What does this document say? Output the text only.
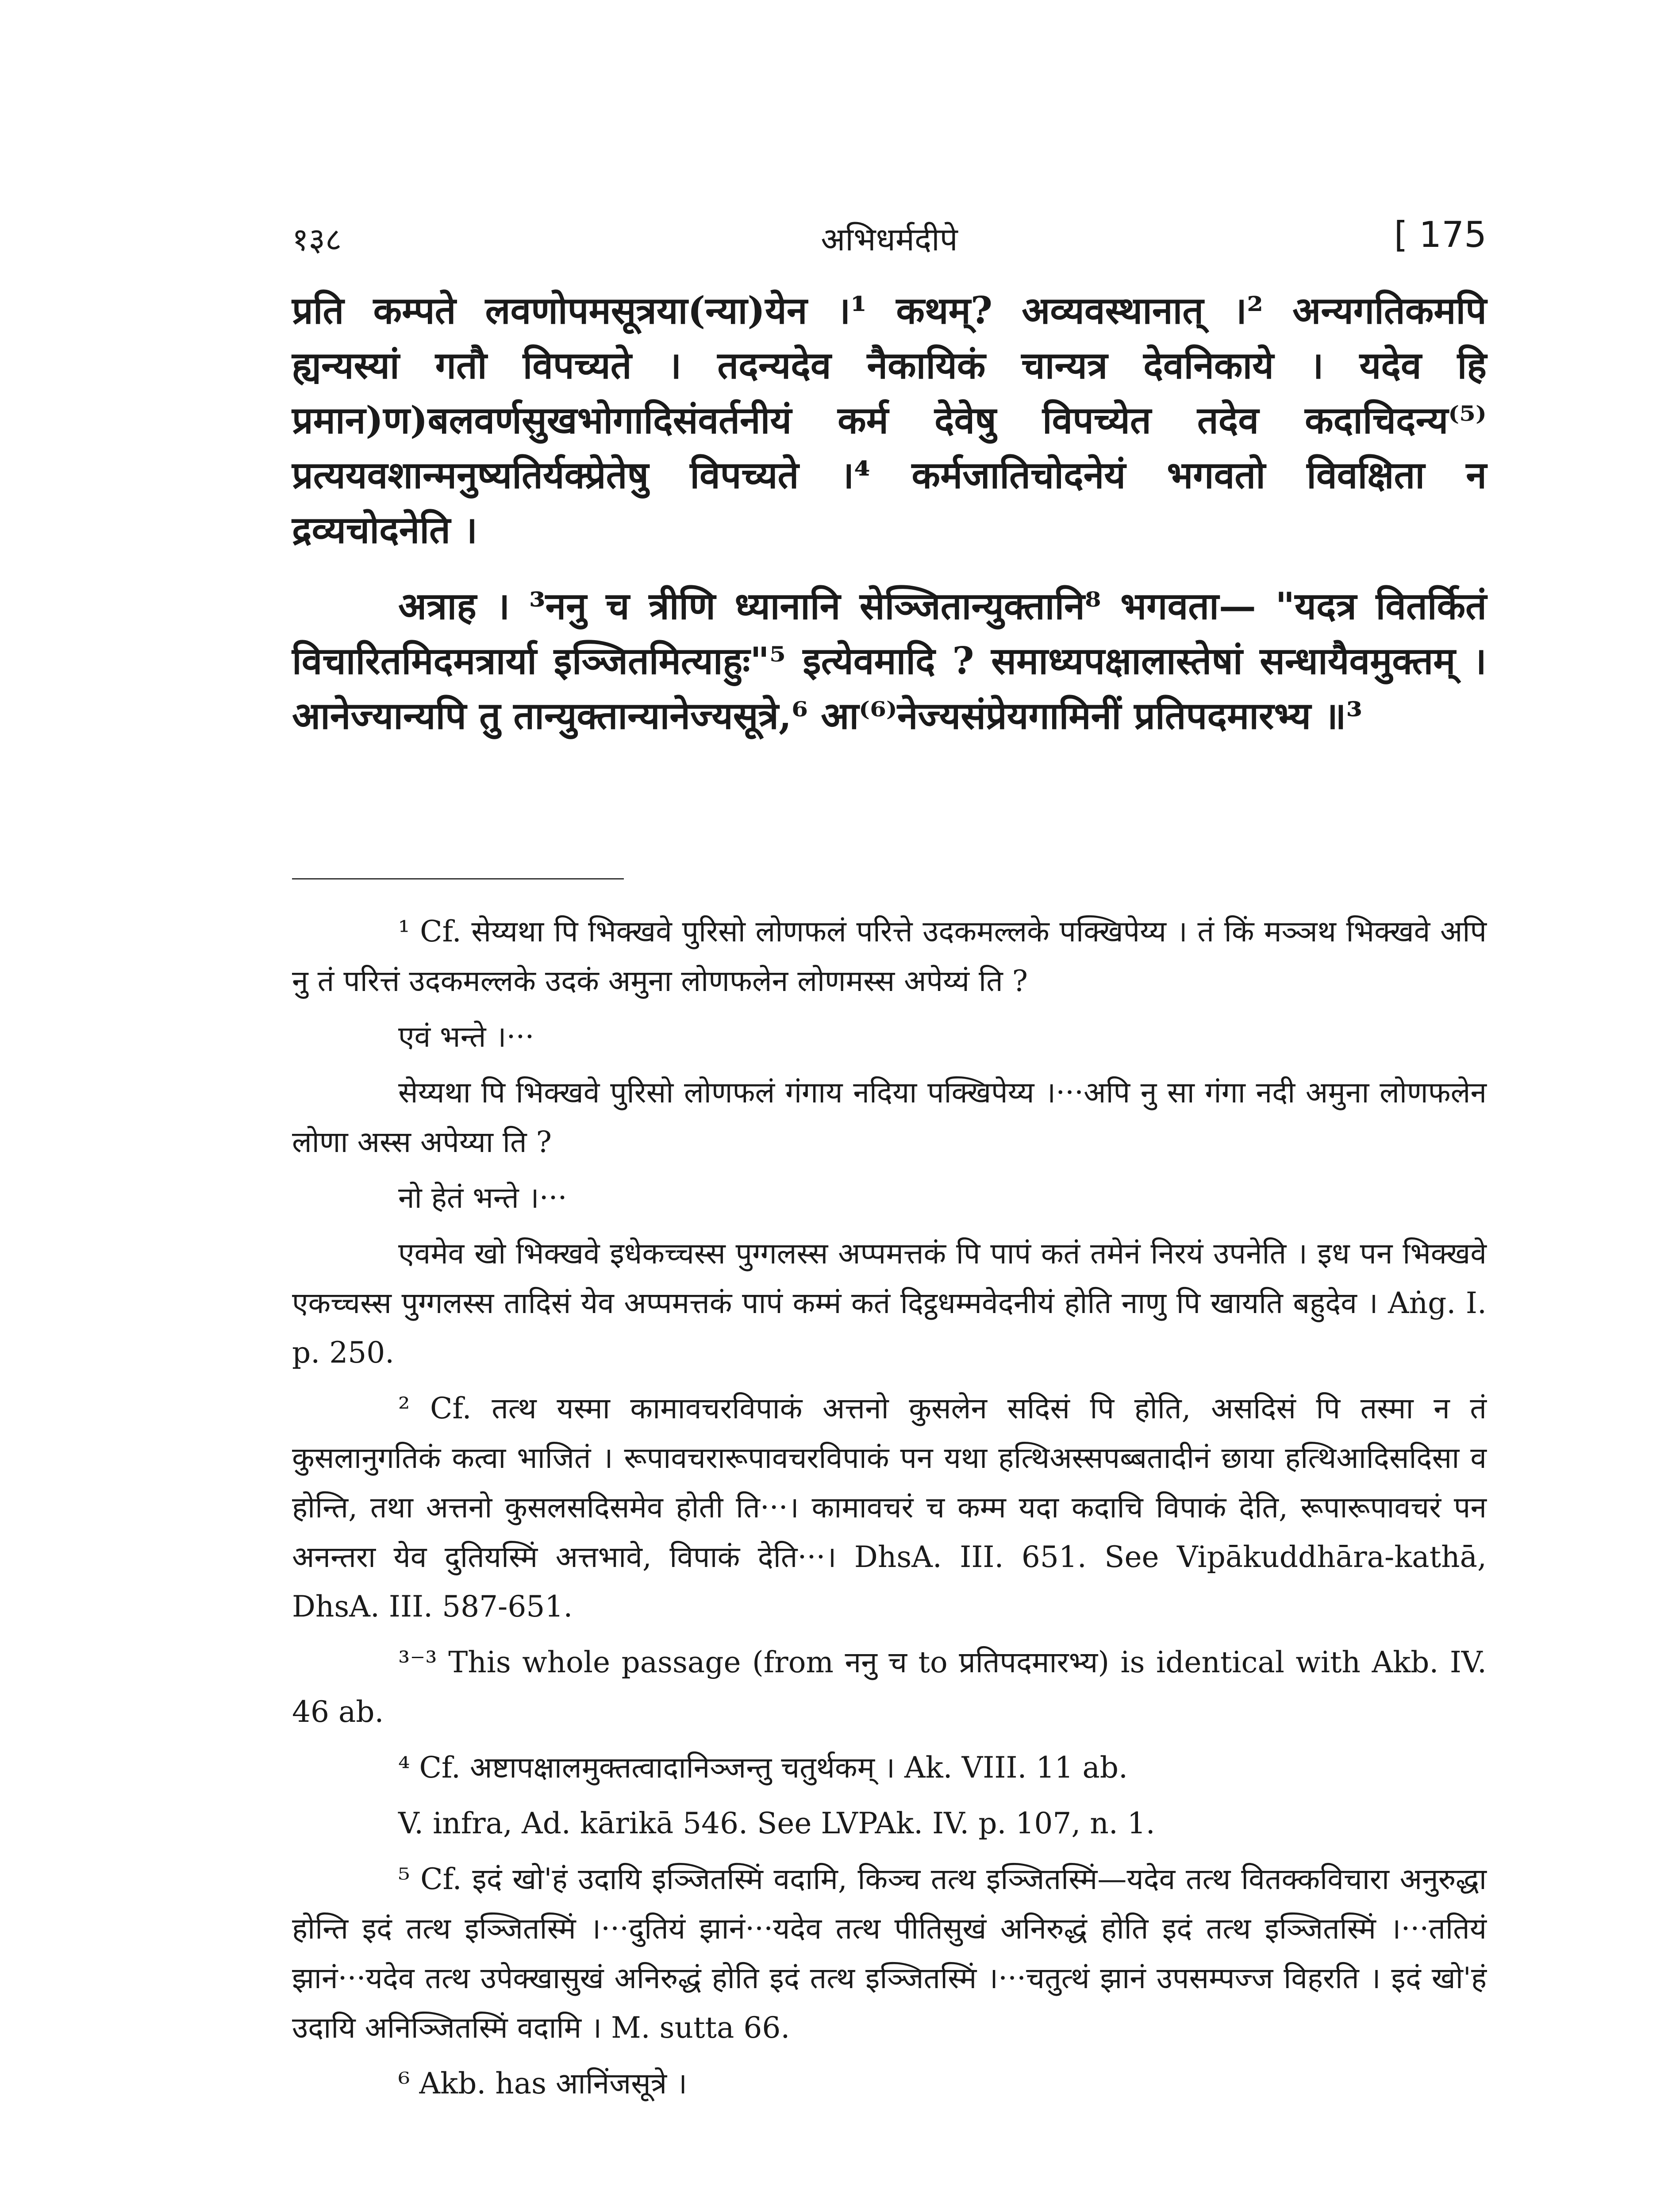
१३८	अभिधर्मदीपे	[ 175

प्रति कम्पते लवणोपमसूत्रया(न्या)येन ।¹ कथम्? अव्यवस्थानात् ।² अन्यगतिकमपि ह्यन्यस्यां गतौ विपच्यते । तदन्यदेव नैकायिकं चान्यत्र देवनिकाये । यदेव हि प्रमान)ण)बलवर्णसुखभोगादिसंवर्तनीयं कर्म देवेषु विपच्येत तदेव कदाचिदन्य⁽⁵⁾प्रत्ययवशान्मनुष्यतिर्यक्प्रेतेषु विपच्यते ।⁴ कर्मजातिचोदनेयं भगवतो विवक्षिता न द्रव्यचोदनेति ।

अत्राह । ³ननु च त्रीणि ध्यानानि सेञ्जितान्युक्तानि⁸ भगवता— "यदत्र वितर्कितं विचारितमिदमत्रार्या इञ्जितमित्याहुः"⁵ इत्येवमादि ? समाध्यपक्षालास्तेषां सन्धायैवमुक्तम् । आनेज्यान्यपि तु तान्युक्तान्यानेज्यसूत्रे,⁶ आ⁽⁶⁾नेज्यसंप्रेयगामिनीं प्रतिपदमारभ्य ॥³

¹ Cf. सेय्यथा पि भिक्खवे पुरिसो लोणफलं परित्ते उदकमल्लके पक्खिपेय्य । तं किं मञ्ञथ भिक्खवे अपि नु तं परित्तं उदकमल्लके उदकं अमुना लोणफलेन लोणमस्स अपेय्यं ति ?

एवं भन्ते ।···

सेय्यथा पि भिक्खवे पुरिसो लोणफलं गंगाय नदिया पक्खिपेय्य ।···अपि नु सा गंगा नदी अमुना लोणफलेन लोणा अस्स अपेय्या ति ?

नो हेतं भन्ते ।···

एवमेव खो भिक्खवे इधेकच्चस्स पुग्गलस्स अप्पमत्तकं पि पापं कतं तमेनं निरयं उपनेति । इध पन भिक्खवे एकच्चस्स पुग्गलस्स तादिसं येव अप्पमत्तकं पापं कम्मं कतं दिट्ठधम्मवेदनीयं होति नाणु पि खायति बहुदेव । Aṅg. I. p. 250.

² Cf. तत्थ यस्मा कामावचरविपाकं अत्तनो कुसलेन सदिसं पि होति, असदिसं पि तस्मा न तं कुसलानुगतिकं कत्वा भाजितं । रूपावचरारूपावचरविपाकं पन यथा हत्थिअस्सपब्बतादीनं छाया हत्थिआदिसदिसा व होन्ति, तथा अत्तनो कुसलसदिसमेव होती ति···। कामावचरं च कम्म यदा कदाचि विपाकं देति, रूपारूपावचरं पन अनन्तरा येव दुतियस्मिं अत्तभावे, विपाकं देति···। DhsA. III. 651. See Vipākuddhāra-kathā, DhsA. III. 587-651.

³⁻³ This whole passage (from ननु च to प्रतिपदमारभ्य) is identical with Akb. IV. 46 ab.

⁴ Cf. अष्टापक्षालमुक्तत्वादानिञ्जन्तु चतुर्थकम् । Ak. VIII. 11 ab.

V. infra, Ad. kārikā 546. See LVPAk. IV. p. 107, n. 1.

⁵ Cf. इदं खो'हं उदायि इञ्जितस्मिं वदामि, किञ्च तत्थ इञ्जितस्मिं—यदेव तत्थ वितक्कविचारा अनुरुद्धा होन्ति इदं तत्थ इञ्जितस्मिं ।···दुतियं झानं···यदेव तत्थ पीतिसुखं अनिरुद्धं होति इदं तत्थ इञ्जितस्मिं ।···ततियं झानं···यदेव तत्थ उपेक्खासुखं अनिरुद्धं होति इदं तत्थ इञ्जितस्मिं ।···चतुत्थं झानं उपसम्पज्ज विहरति । इदं खो'हं उदायि अनिञ्जितस्मिं वदामि । M. sutta 66.

⁶ Akb. has आनिंजसूत्रे ।
